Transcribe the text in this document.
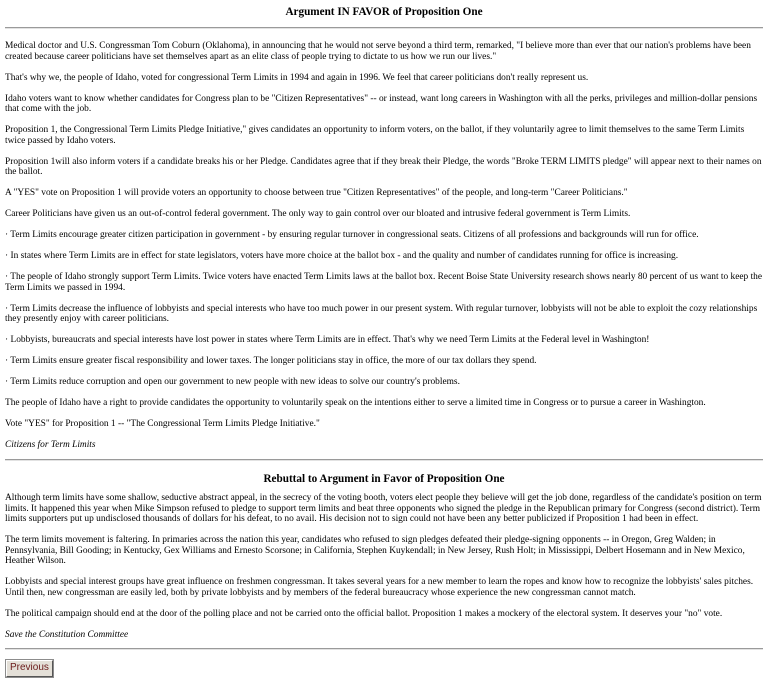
Argument IN FAVOR of Proposition One

Medical doctor and U.S. Congressman Tom Coburn (Oklahoma), in announcing that he would not serve beyond a third term, remarked, "I believe more than ever that our nation's problems have been created because career politicians have set themselves apart as an elite class of people trying to dictate to us how we run our lives."

That's why we, the people of Idaho, voted for congressional Term Limits in 1994 and again in 1996. We feel that career politicians don't really represent us.

Idaho voters want to know whether candidates for Congress plan to be "Citizen Representatives" -- or instead, want long careers in Washington with all the perks, privileges and million-dollar pensions that come with the job.

Proposition 1, the Congressional Term Limits Pledge Initiative," gives candidates an opportunity to inform voters, on the ballot, if they voluntarily agree to limit themselves to the same Term Limits twice passed by Idaho voters.

Proposition 1will also inform voters if a candidate breaks his or her Pledge. Candidates agree that if they break their Pledge, the words "Broke TERM LIMITS pledge" will appear next to their names on the ballot.

A "YES" vote on Proposition 1 will provide voters an opportunity to choose between true "Citizen Representatives" of the people, and long-term "Career Politicians."

Career Politicians have given us an out-of-control federal government. The only way to gain control over our bloated and intrusive federal government is Term Limits.

· Term Limits encourage greater citizen participation in government - by ensuring regular turnover in congressional seats. Citizens of all professions and backgrounds will run for office.

· In states where Term Limits are in effect for state legislators, voters have more choice at the ballot box - and the quality and number of candidates running for office is increasing.

· The people of Idaho strongly support Term Limits. Twice voters have enacted Term Limits laws at the ballot box. Recent Boise State University research shows nearly 80 percent of us want to keep the Term Limits we passed in 1994.

· Term Limits decrease the influence of lobbyists and special interests who have too much power in our present system. With regular turnover, lobbyists will not be able to exploit the cozy relationships they presently enjoy with career politicians.

· Lobbyists, bureaucrats and special interests have lost power in states where Term Limits are in effect. That's why we need Term Limits at the Federal level in Washington!

· Term Limits ensure greater fiscal responsibility and lower taxes. The longer politicians stay in office, the more of our tax dollars they spend.

· Term Limits reduce corruption and open our government to new people with new ideas to solve our country's problems.

The people of Idaho have a right to provide candidates the opportunity to voluntarily speak on the intentions either to serve a limited time in Congress or to pursue a career in Washington.

Vote "YES" for Proposition 1 -- "The Congressional Term Limits Pledge Initiative."

Citizens for Term Limits

Rebuttal to Argument in Favor of Proposition One

Although term limits have some shallow, seductive abstract appeal, in the secrecy of the voting booth, voters elect people they believe will get the job done, regardless of the candidate's position on term limits. It happened this year when Mike Simpson refused to pledge to support term limits and beat three opponents who signed the pledge in the Republican primary for Congress (second district). Term limits supporters put up undisclosed thousands of dollars for his defeat, to no avail. His decision not to sign could not have been any better publicized if Proposition 1 had been in effect.

The term limits movement is faltering. In primaries across the nation this year, candidates who refused to sign pledges defeated their pledge-signing opponents -- in Oregon, Greg Walden; in Pennsylvania, Bill Gooding; in Kentucky, Gex Williams and Ernesto Scorsone; in California, Stephen Kuykendall; in New Jersey, Rush Holt; in Mississippi, Delbert Hosemann and in New Mexico, Heather Wilson.

Lobbyists and special interest groups have great influence on freshmen congressman. It takes several years for a new member to learn the ropes and know how to recognize the lobbyists' sales pitches. Until then, new congressman are easily led, both by private lobbyists and by members of the federal bureaucracy whose experience the new congressman cannot match.

The political campaign should end at the door of the polling place and not be carried onto the official ballot. Proposition 1 makes a mockery of the electoral system. It deserves your "no" vote.

Save the Constitution Committee

Previous
